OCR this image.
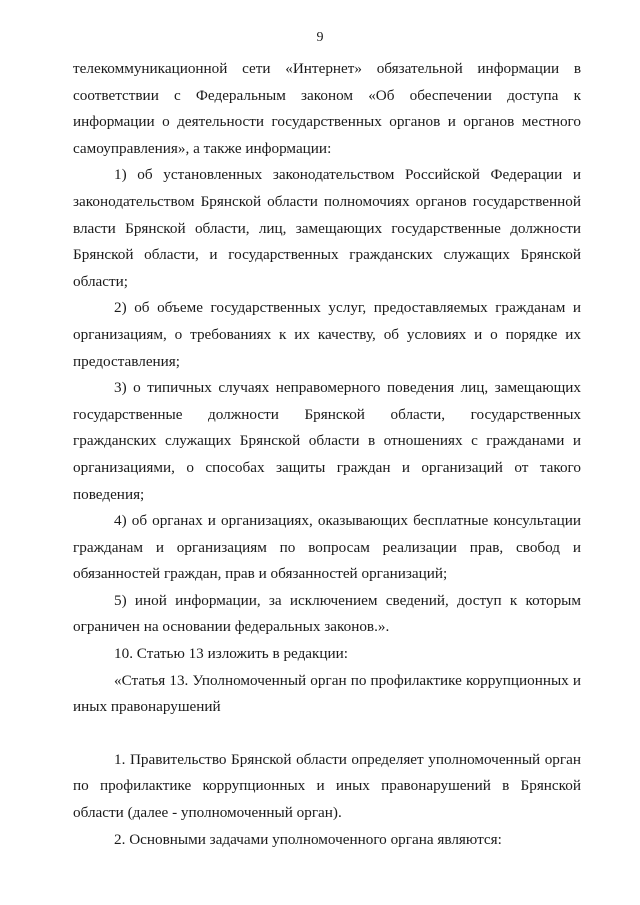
9

телекоммуникационной сети «Интернет» обязательной информации в соответствии с Федеральным законом «Об обеспечении доступа к информации о деятельности государственных органов и органов местного самоуправления», а также информации:

1) об установленных законодательством Российской Федерации и законодательством Брянской области полномочиях органов государственной власти Брянской области, лиц, замещающих государственные должности Брянской области, и государственных гражданских служащих Брянской области;

2) об объеме государственных услуг, предоставляемых гражданам и организациям, о требованиях к их качеству, об условиях и о порядке их предоставления;

3) о типичных случаях неправомерного поведения лиц, замещающих государственные должности Брянской области, государственных гражданских служащих Брянской области в отношениях с гражданами и организациями, о способах защиты граждан и организаций от такого поведения;

4) об органах и организациях, оказывающих бесплатные консультации гражданам и организациям по вопросам реализации прав, свобод и обязанностей граждан, прав и обязанностей организаций;

5) иной информации, за исключением сведений, доступ к которым ограничен на основании федеральных законов.».

10. Статью 13 изложить в редакции:

«Статья 13. Уполномоченный орган по профилактике коррупционных и иных правонарушений

1. Правительство Брянской области определяет уполномоченный орган по профилактике коррупционных и иных правонарушений в Брянской области (далее - уполномоченный орган).

2. Основными задачами уполномоченного органа являются:
